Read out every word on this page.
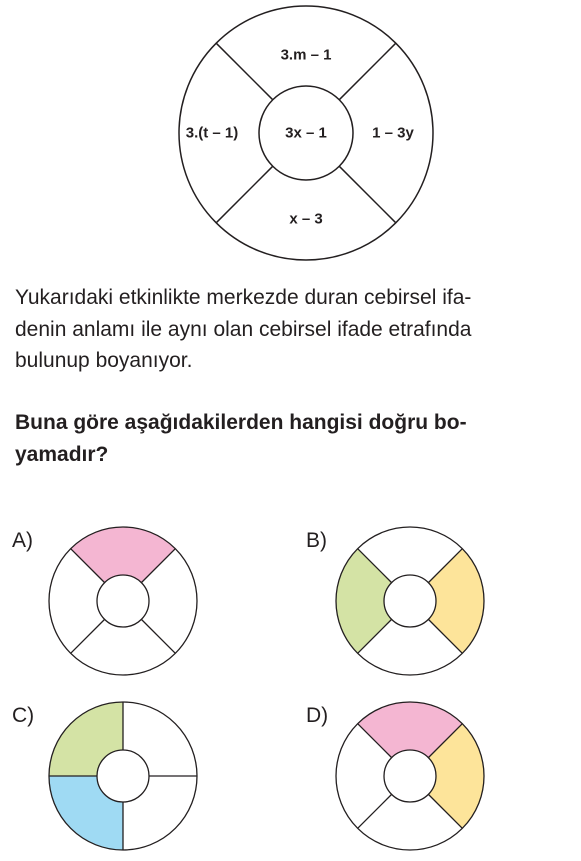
3.m – 1
1 – 3y
x – 3
3.(t – 1)	3x – 1

Yukarıdaki etkinlikte merkezde duran cebirsel ifa-
denin anlamı ile aynı olan cebirsel ifade etrafında
bulunup boyanıyor.

Buna göre aşağıdakilerden hangisi doğru bo-
yamadır?

A)	B)
C)	D)
